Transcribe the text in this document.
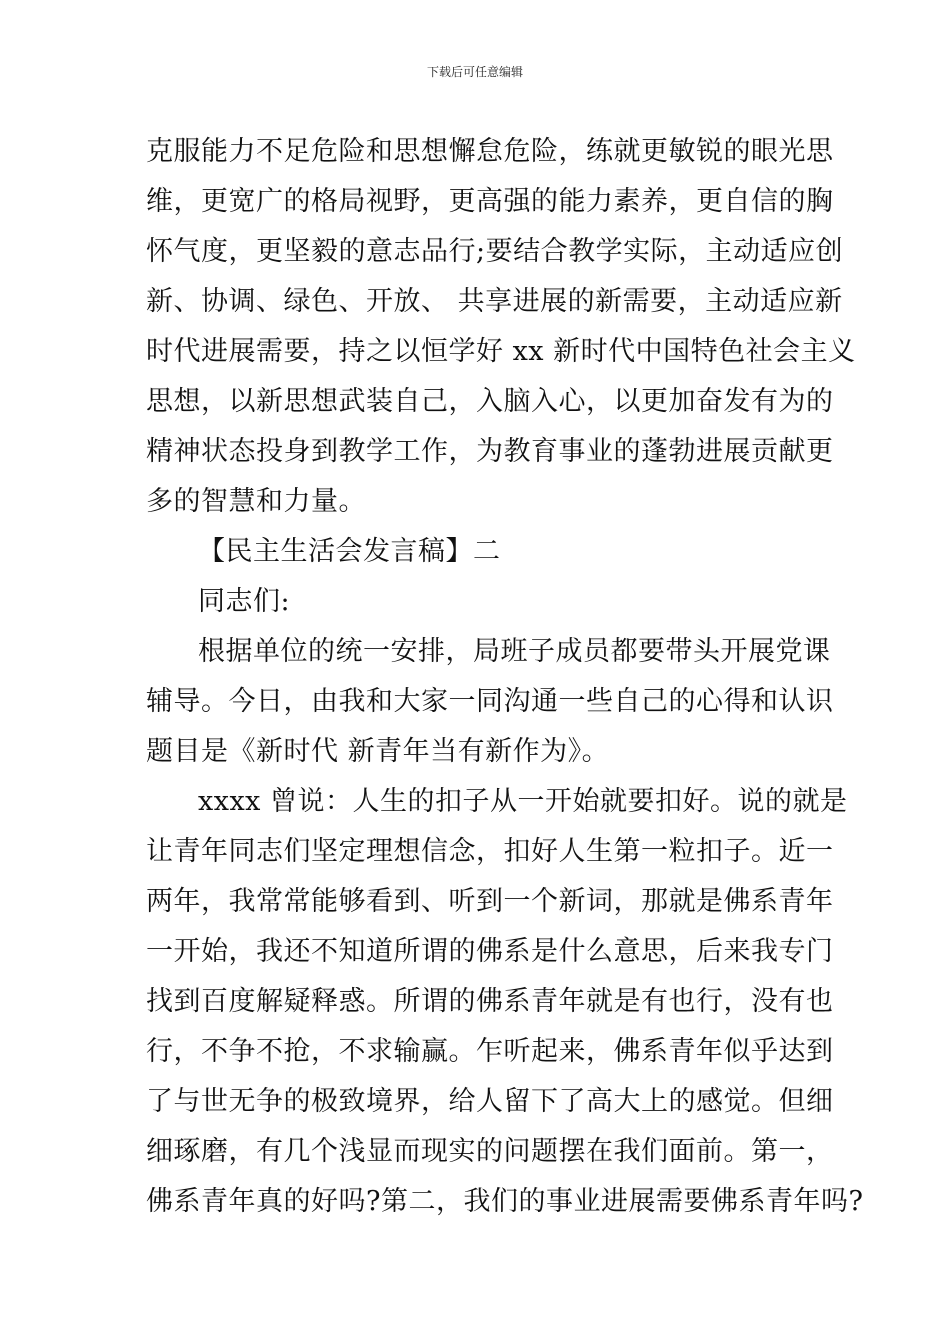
下载后可任意编辑
克服能力不足危险和思想懈怠危险，练就更敏锐的眼光思
维，更宽广的格局视野，更高强的能力素养，更自信的胸
怀气度，更坚毅的意志品行;要结合教学实际，主动适应创
新、协调、绿色、开放、 共享进展的新需要，主动适应新
时代进展需要，持之以恒学好 xx 新时代中国特色社会主义
思想，以新思想武装自己，入脑入心，以更加奋发有为的
精神状态投身到教学工作，为教育事业的蓬勃进展贡献更
多的智慧和力量。
【民主生活会发言稿】二
同志们:
根据单位的统一安排，局班子成员都要带头开展党课
辅导。今日，由我和大家一同沟通一些自己的心得和认识
题目是《新时代 新青年当有新作为》。
xxxx 曾说：人生的扣子从一开始就要扣好。说的就是
让青年同志们坚定理想信念，扣好人生第一粒扣子。近一
两年，我常常能够看到、听到一个新词，那就是佛系青年
一开始，我还不知道所谓的佛系是什么意思，后来我专门
找到百度解疑释惑。所谓的佛系青年就是有也行，没有也
行，不争不抢，不求输赢。乍听起来，佛系青年似乎达到
了与世无争的极致境界，给人留下了高大上的感觉。但细
细琢磨，有几个浅显而现实的问题摆在我们面前。第一，
佛系青年真的好吗?第二，我们的事业进展需要佛系青年吗?
